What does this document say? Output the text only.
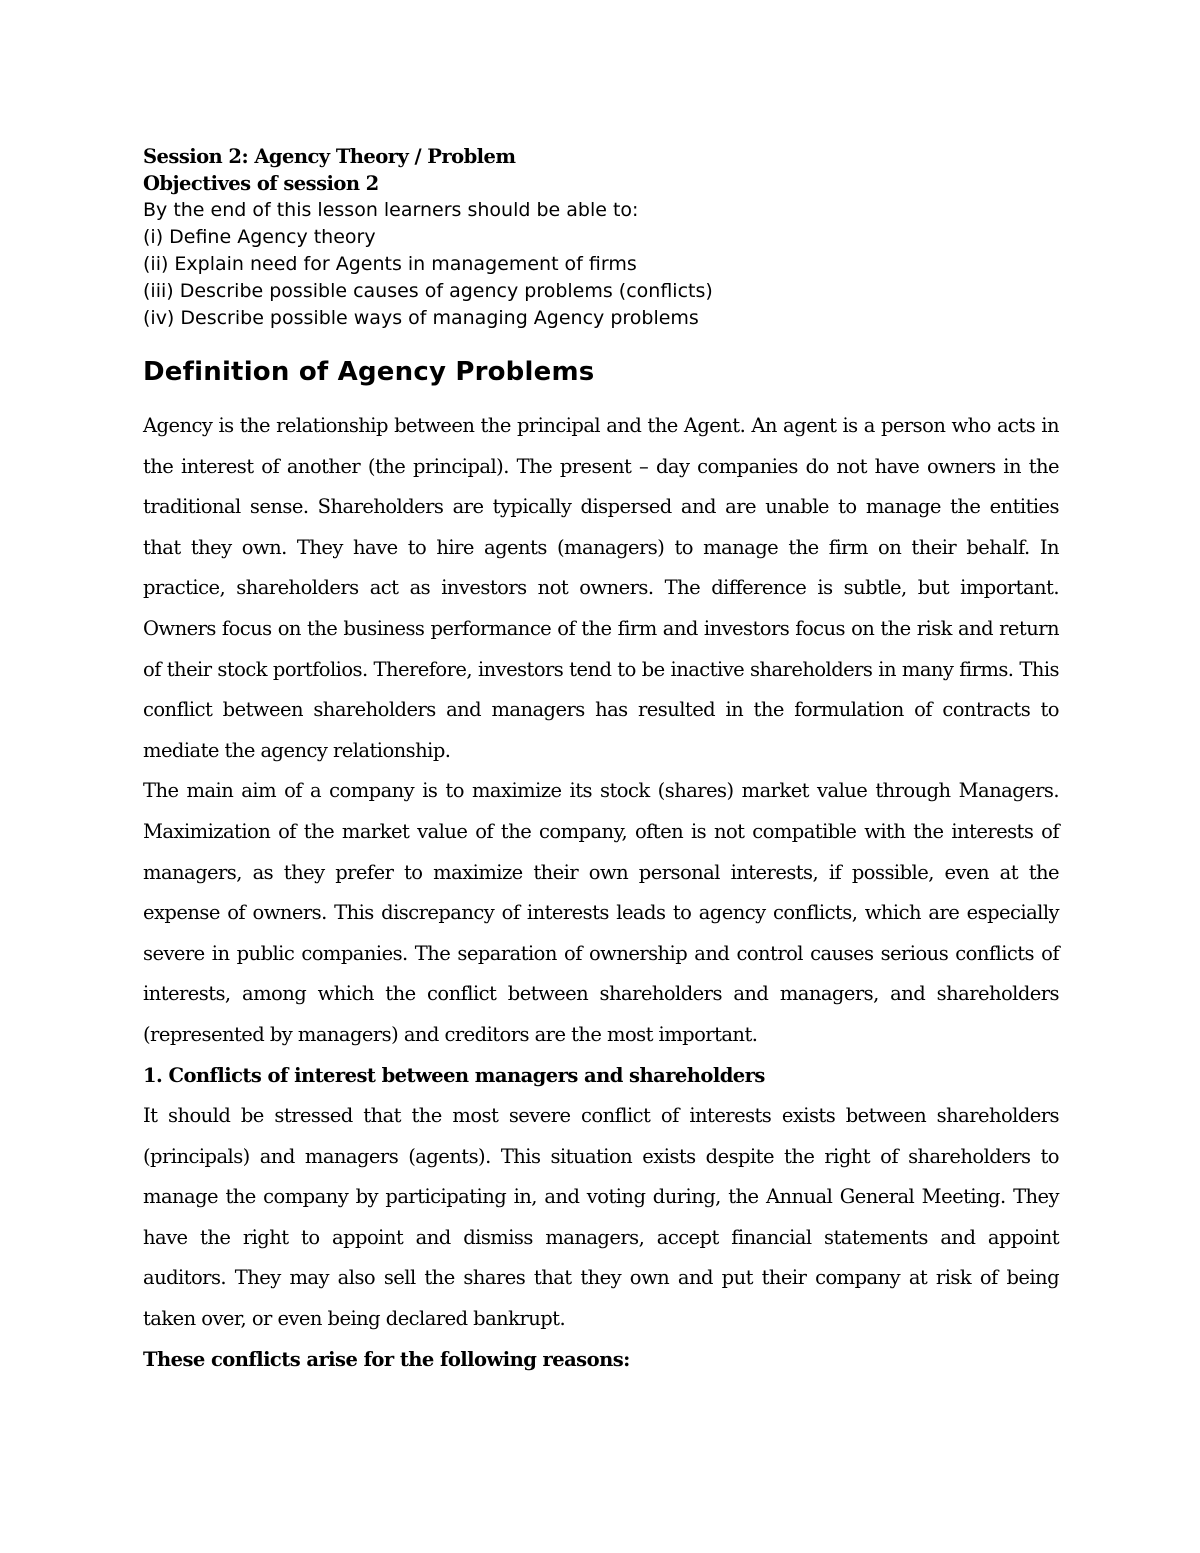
Session 2: Agency Theory / Problem
Objectives of session 2
By the end of this lesson learners should be able to:
(i) Define Agency theory
(ii) Explain need for Agents in management of firms
(iii) Describe possible causes of agency problems (conflicts)
(iv) Describe possible ways of managing Agency problems
Definition of Agency Problems

Agency is the relationship between the principal and the Agent. An agent is a person who acts in the interest of another (the principal). The present – day companies do not have owners in the traditional sense. Shareholders are typically dispersed and are unable to manage the entities that they own. They have to hire agents (managers) to manage the firm on their behalf. In practice, shareholders act as investors not owners. The difference is subtle, but important. Owners focus on the business performance of the firm and investors focus on the risk and return of their stock portfolios. Therefore, investors tend to be inactive shareholders in many firms. This conflict between shareholders and managers has resulted in the formulation of contracts to mediate the agency relationship.

The main aim of a company is to maximize its stock (shares) market value through Managers. Maximization of the market value of the company, often is not compatible with the interests of managers, as they prefer to maximize their own personal interests, if possible, even at the expense of owners. This discrepancy of interests leads to agency conflicts, which are especially severe in public companies. The separation of ownership and control causes serious conflicts of interests, among which the conflict between shareholders and managers, and shareholders (represented by managers) and creditors are the most important.

1. Conflicts of interest between managers and shareholders

It should be stressed that the most severe conflict of interests exists between shareholders (principals) and managers (agents). This situation exists despite the right of shareholders to manage the company by participating in, and voting during, the Annual General Meeting. They have the right to appoint and dismiss managers, accept financial statements and appoint auditors. They may also sell the shares that they own and put their company at risk of being taken over, or even being declared bankrupt.

These conflicts arise for the following reasons:
